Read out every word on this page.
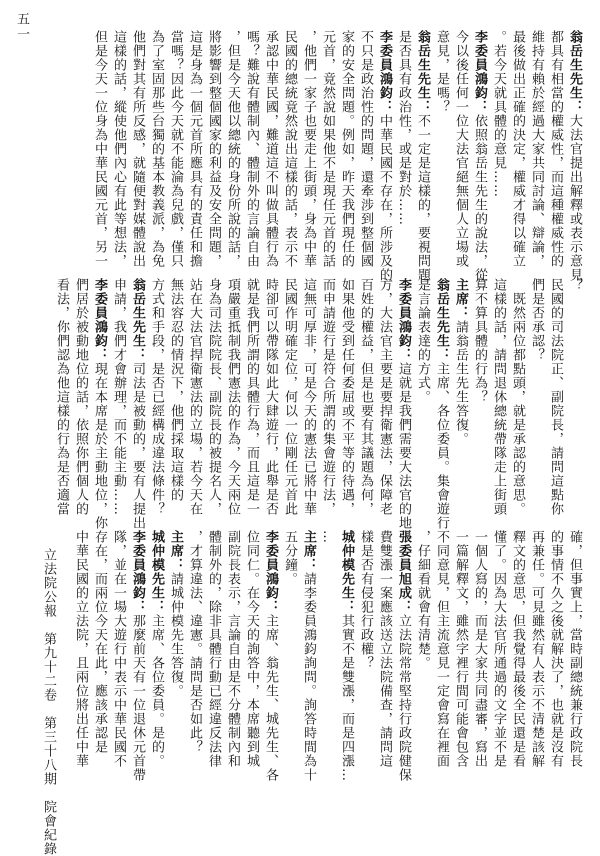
五一
立法院公報　第九十二卷　第三十八期　院會紀錄
翁岳生先生：大法官提出解釋或表示意見
都具有相當的權威性，而這種權威性的
維持有賴於經過大家共同討論、辯論，
最後做出正確的決定，權威才得以確立
。若今天就具體的意見……
李委員鴻鈞：依照翁岳生先生的說法，從
今以後任何一位大法官絕無個人立場或
意見，是嗎？
翁岳生先生：不一定是這樣的，要視問題
是否具有政治性，或是對於……
李委員鴻鈞：中華民國不存在，所涉及的
不只是政治性的問題，還牽涉到整個國
家的安全問題。例如，昨天我們現任的
元首，竟然說如果他不是現任元首的話
，他們一家子也要走上街頭，身為中華
民國的總統竟然說出這樣的話，表示不
承認中華民國，難道這不叫做具體行為
嗎？難說有體制內、體制外的言論自由
，但是今天他以總統的身份所說的話，
將影響到整個國家的利益及安全問題，
這是身為一個元首所應具有的責任和擔
當嗎？因此今天就不能淪為兒戲，僅只
為了室固那些台獨的基本教義派，為免
他們對其有所反感，就隨便對媒體說出
這樣的話，縱使他們內心有此等想法，
但是今天一位身為中華民國元首，另一
？
民國的司法院正、副院長，請問這點你
們是否承認？
　既然兩位都點頭，就是承認的意思。
這樣的話，請問退休總統帶隊走上街頭
算不算具體的行為？
主席：請翁岳生先生答復。
翁岳生先生：主席、各位委員。集會遊行
是言論表達的方式。
李委員鴻鈞：這就是我們需要大法官的地
方，大法官主要是要捍衛憲法，保障老
百姓的權益，但是也要有其議題為何，
如果他受到任何委屈或不平等的待遇，
而申請遊行是符合所謂的集會遊行法，
這無可厚非，可是今天的憲法已將中華
民國作明確定位，何以一位剛任元首此
時卻可以帶隊如此大肆遊行，此舉是否
就是我們所謂的具體行為，而且這是一
項嚴重抵制我們憲法的作為，今天兩位
身為司法院院長、副院長的被提名人，
站在大法官捍衛憲法的立場，若今天在
無法容忍的情況下，他們採取這樣的
方式和手段，是否已經構成違法條件？
翁岳生先生：司法是被動的，要有人提出
申請，我們才會辦理，而不能主動……
李委員鴻鈞：現在本席是於主動地位，你
們居於被動地位的話，依照你們個人的
看法，你們認為他這樣的行為是否適當
確，但事實上，當時副總統兼行政院長
的事情不久之後就解決了，也就是沒有
再兼任。可見雖然有人表示不清楚該解
釋文的意思，但我覺得最後全民還是看
懂了。因為大法官所通過的文字並不是
一個人寫的，而是大家共同盡審，寫出
一篇解釋文，雖然字裡行間可能會包含
不同意見，但主流意見一定會寫在裡面
，仔細看就會有清楚。
張委員旭成：立法院常常堅持行政院健保
費雙漲一案應該送立法院備查，請問這
樣是否有侵犯行政權？
城仲模先生：其實不是雙漲，而是四漲…
…
主席：請李委員鴻鈞詢問。詢答時間為十
五分鐘。
李委員鴻鈞：主席、翁先生、城先生、各
位同仁。在今天的詢答中，本席聽到城
副院長表示，言論自由是不分體制內和
體制外的，除非具體行動已經違反法律
，才算違法、違憲。請問是否如此？
主席：請城仲模先生答復。
城仲模先生：主席、各位委員。是的。
李委員鴻鈞：那麼前天有一位退休元首帶
隊，並在一場大遊行中表示中華民國不
存在，而兩位今天在此，應該承認是
中華民國的立法院，且兩位將出任中華
